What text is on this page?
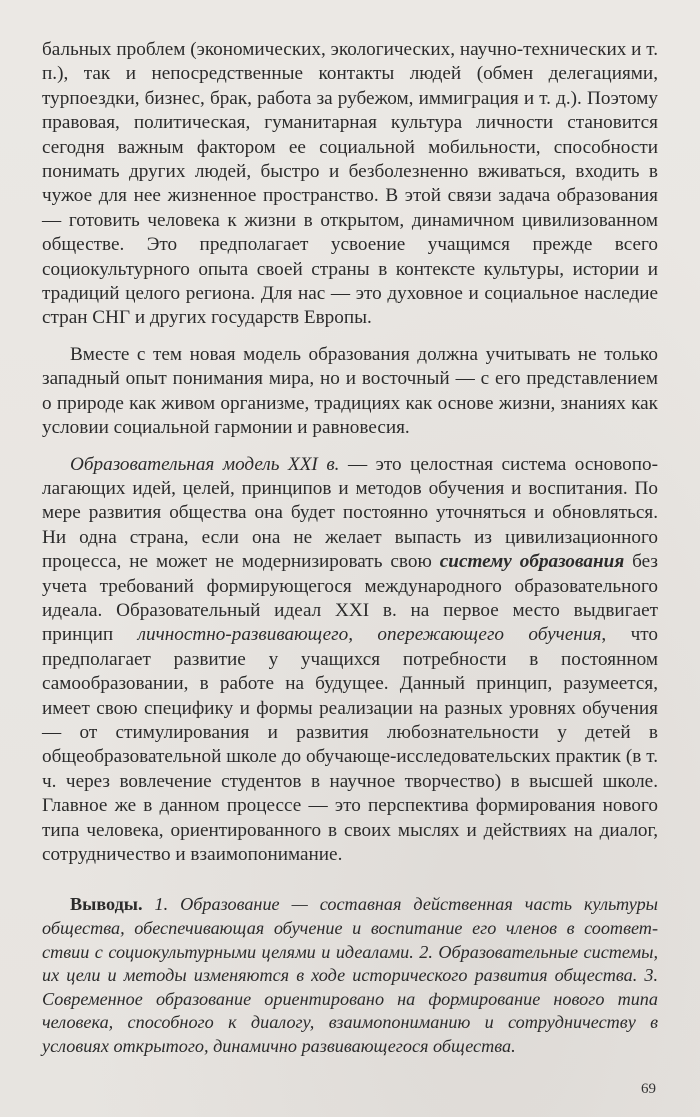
бальных проблем (экономических, экологических, научно-технических и т. п.), так и непосредственные контакты людей (обмен делегациями, турпоездки, бизнес, брак, работа за рубежом, иммиграция и т. д.). Поэтому правовая, политическая, гуманитарная культура личности становится сегодня важным фактором ее социальной мобильности, способности понимать других людей, быстро и безболезненно вживаться, входить в чужое для нее жизненное пространство. В этой связи задача образования — готовить человека к жизни в открытом, динамичном цивилизованном обществе. Это предполагает усвоение учащимся прежде всего социокультурного опыта своей страны в контексте культуры, истории и традиций целого региона. Для нас — это духовное и социальное наследие стран СНГ и других государств Европы.

Вместе с тем новая модель образования должна учитывать не только западный опыт понимания мира, но и восточный — с его представлением о природе как живом организме, традициях как основе жизни, знаниях как условии социальной гармонии и равновесия.

Образовательная модель XXI в. — это целостная система основополагающих идей, целей, принципов и методов обучения и воспитания. По мере развития общества она будет постоянно уточняться и обновляться. Ни одна страна, если она не желает выпасть из цивилизационного процесса, не может не модернизировать свою систему образования без учета требований формирующегося международного образовательного идеала. Образовательный идеал XXI в. на первое место выдвигает принцип личностно-развивающего, опережающего обучения, что предполагает развитие у учащихся потребности в постоянном самообразовании, в работе на будущее. Данный принцип, разумеется, имеет свою специфику и формы реализации на разных уровнях обучения — от стимулирования и развития любознательности у детей в общеобразовательной школе до обучающе-исследовательских практик (в т. ч. через вовлечение студентов в научное творчество) в высшей школе. Главное же в данном процессе — это перспектива формирования нового типа человека, ориентированного в своих мыслях и действиях на диалог, сотрудничество и взаимопонимание.

Выводы. 1. Образование — составная действенная часть культуры общества, обеспечивающая обучение и воспитание его членов в соответствии с социокультурными целями и идеалами. 2. Образовательные системы, их цели и методы изменяются в ходе исторического развития общества. 3. Современное образование ориентировано на формирование нового типа человека, способного к диалогу, взаимопониманию и сотрудничеству в условиях открытого, динамично развивающегося общества.

69
